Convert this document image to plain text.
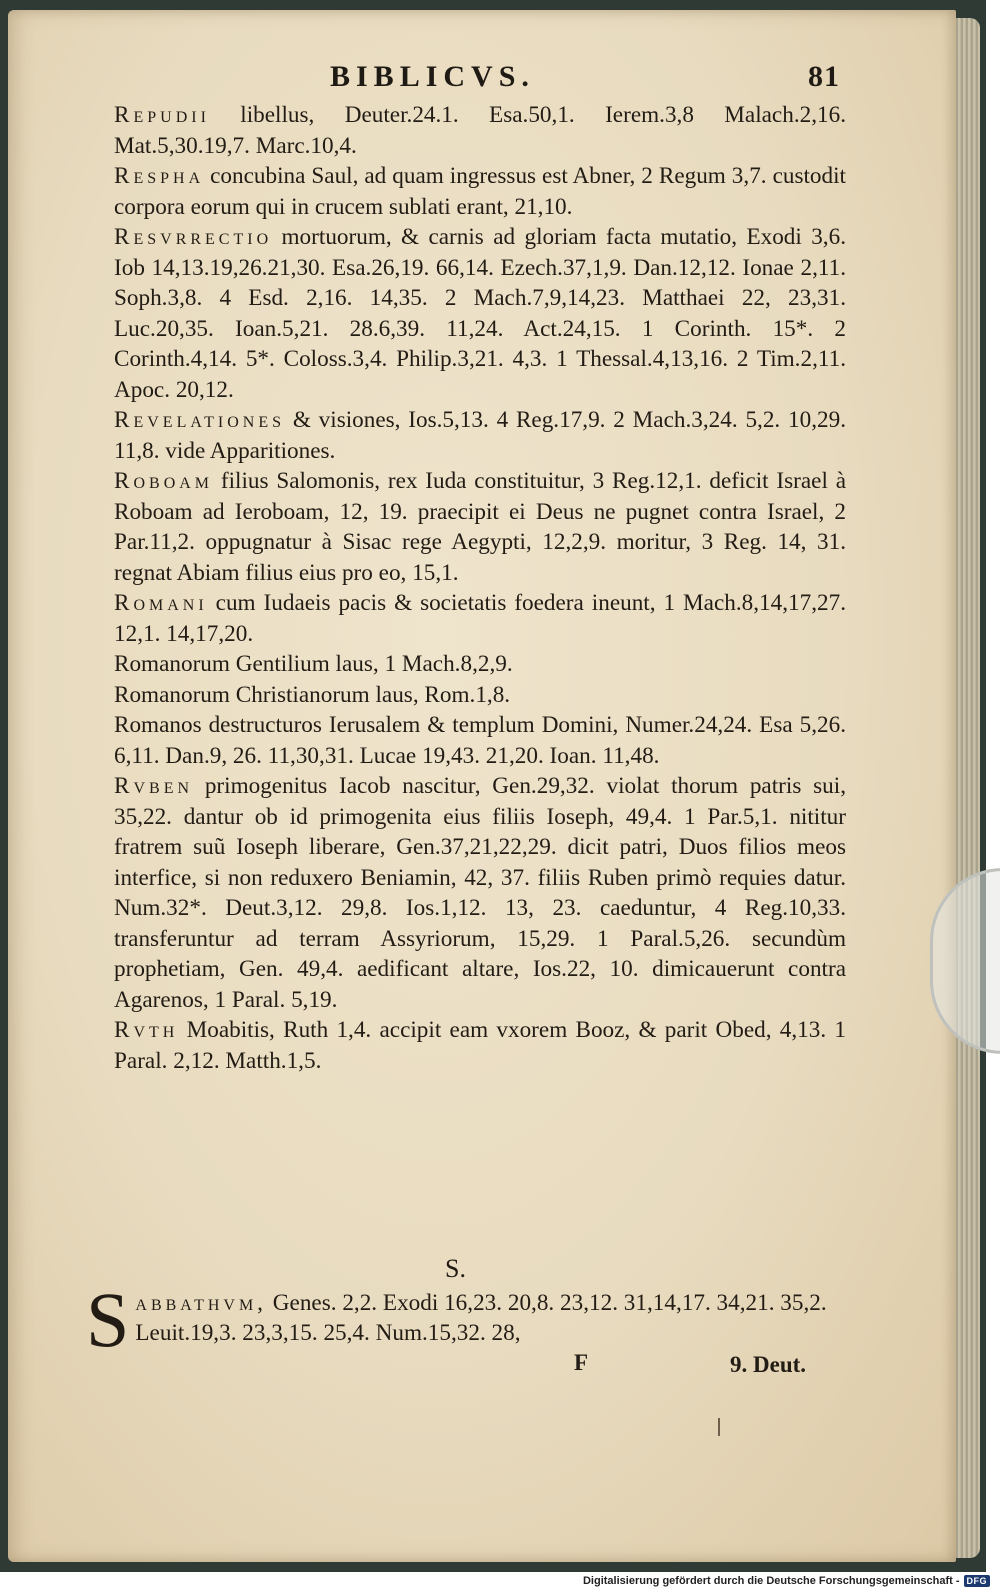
BIBLICVS.	81

Repudii libellus, Deuter.24.1. Esa.50,1. Ierem.3,8 Malach.2,16. Mat.5,30.19,7. Marc.10,4.

Respha concubina Saul, ad quam ingressus est Abner, 2 Regum 3,7. custodit corpora eorum qui in crucem sublati erant, 21,10.

Resvrrectio mortuorum, & carnis ad gloriam facta mutatio, Exodi 3,6. Iob 14,13.19,26.21,30. Esa.26,19. 66,14. Ezech.37,1,9. Dan.12,12. Ionae 2,11. Soph.3,8. 4 Esd. 2,16. 14,35. 2 Mach.7,9,14,23. Matthaei 22, 23,31. Luc.20,35. Ioan.5,21. 28.6,39. 11,24. Act.24,15. 1 Corinth. 15*. 2 Corinth.4,14. 5*. Coloss.3,4. Philip.3,21. 4,3. 1 Thessal.4,13,16. 2 Tim.2,11. Apoc. 20,12.

Revelationes & visiones, Ios.5,13. 4 Reg.17,9. 2 Mach.3,24. 5,2. 10,29. 11,8. vide Apparitiones.

Roboam filius Salomonis, rex Iuda constituitur, 3 Reg.12,1. deficit Israel à Roboam ad Ieroboam, 12, 19. praecipit ei Deus ne pugnet contra Israel, 2 Par.11,2. oppugnatur à Sisac rege Aegypti, 12,2,9. moritur, 3 Reg. 14, 31. regnat Abiam filius eius pro eo, 15,1.

Romani cum Iudaeis pacis & societatis foedera ineunt, 1 Mach.8,14,17,27. 12,1. 14,17,20.

Romanorum Gentilium laus, 1 Mach.8,2,9.

Romanorum Christianorum laus, Rom.1,8.

Romanos destructuros Ierusalem & templum Domini, Numer.24,24. Esa 5,26. 6,11. Dan.9, 26. 11,30,31. Lucae 19,43. 21,20. Ioan. 11,48.

Rvben primogenitus Iacob nascitur, Gen.29,32. violat thorum patris sui, 35,22. dantur ob id primogenita eius filiis Ioseph, 49,4. 1 Par.5,1. nititur fratrem suũ Ioseph liberare, Gen.37,21,22,29. dicit patri, Duos filios meos interfice, si non reduxero Beniamin, 42, 37. filiis Ruben primò requies datur. Num.32*. Deut.3,12. 29,8. Ios.1,12. 13, 23. caeduntur, 4 Reg.10,33. transferuntur ad terram Assyriorum, 15,29. 1 Paral.5,26. secundùm prophetiam, Gen. 49,4. aedificant altare, Ios.22, 10. dimicauerunt contra Agarenos, 1 Paral. 5,19.

Rvth Moabitis, Ruth 1,4. accipit eam vxorem Booz, & parit Obed, 4,13. 1 Paral. 2,12. Matth.1,5.

S.
S abbathvm, Genes. 2,2. Exodi 16,23. 20,8. 23,12. 31,14,17. 34,21. 35,2. Leuit.19,3. 23,3,15. 25,4. Num.15,32. 28,
F	9. Deut.
Digitalisierung gefördert durch die Deutsche Forschungsgemeinschaft - DFG
